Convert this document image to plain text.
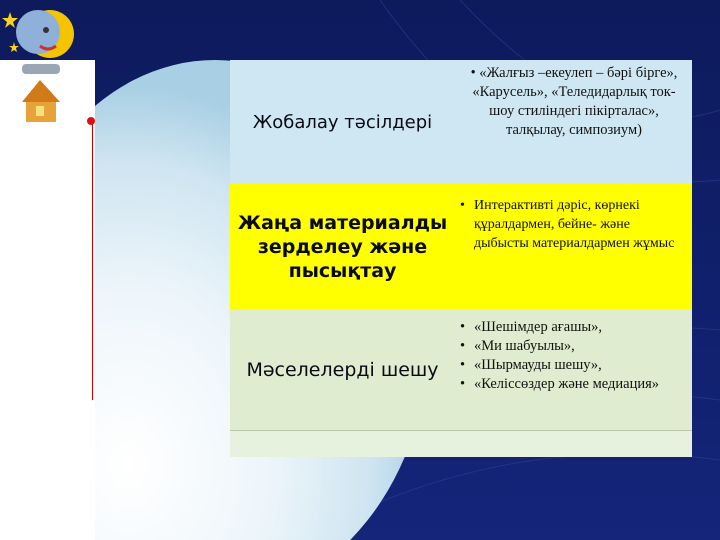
Жобалау тәсілдері
• «Жалғыз –екеулеп – бәрі бірге», «Карусель», «Теледидарлық ток-шоу стиліндегі пікірталас», талқылау, симпозиум)
Жаңа материалды зерделеу және пысықтау
• Интерактивті дәріс, көрнекі құралдармен, бейне- және дыбысты материалдармен жұмыс
Мәселелерді шешу
• «Шешімдер ағашы»,
• «Ми шабуылы»,
• «Шырмауды шешу»,
• «Келіссөздер және медиация»
